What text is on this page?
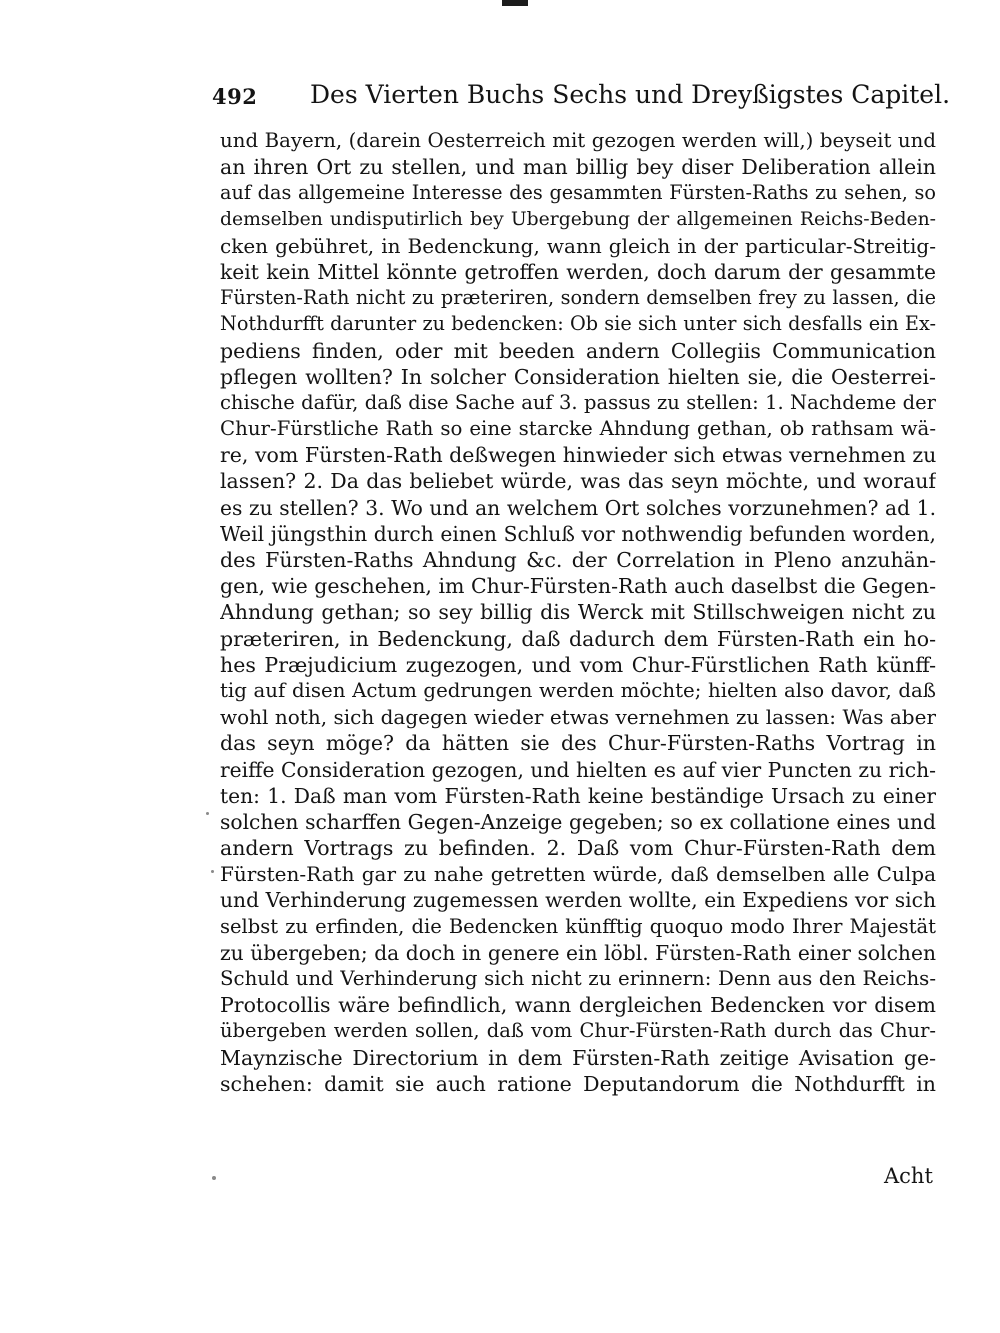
492 Des Vierten Buchs Sechs und Dreyßigstes Capitel.
und Bayern, (darein Oesterreich mit gezogen werden will,) beyseit und
an ihren Ort zu stellen, und man billig bey diser Deliberation allein
auf das allgemeine Interesse des gesammten Fürsten-Raths zu sehen, so
demselben undisputirlich bey Ubergebung der allgemeinen Reichs-Beden-
cken gebühret, in Bedenckung, wann gleich in der particular-Streitig-
keit kein Mittel könnte getroffen werden, doch darum der gesammte
Fürsten-Rath nicht zu præteriren, sondern demselben frey zu lassen, die
Nothdurfft darunter zu bedencken: Ob sie sich unter sich desfalls ein Ex-
pediens finden, oder mit beeden andern Collegiis Communication
pflegen wollten? In solcher Consideration hielten sie, die Oesterrei-
chische dafür, daß dise Sache auf 3. passus zu stellen: 1. Nachdeme der
Chur-Fürstliche Rath so eine starcke Ahndung gethan, ob rathsam wä-
re, vom Fürsten-Rath deßwegen hinwieder sich etwas vernehmen zu
lassen? 2. Da das beliebet würde, was das seyn möchte, und worauf
es zu stellen? 3. Wo und an welchem Ort solches vorzunehmen? ad 1.
Weil jüngsthin durch einen Schluß vor nothwendig befunden worden,
des Fürsten-Raths Ahndung &c. der Correlation in Pleno anzuhän-
gen, wie geschehen, im Chur-Fürsten-Rath auch daselbst die Gegen-
Ahndung gethan; so sey billig dis Werck mit Stillschweigen nicht zu
præteriren, in Bedenckung, daß dadurch dem Fürsten-Rath ein ho-
hes Præjudicium zugezogen, und vom Chur-Fürstlichen Rath künff-
tig auf disen Actum gedrungen werden möchte; hielten also davor, daß
wohl noth, sich dagegen wieder etwas vernehmen zu lassen: Was aber
das seyn möge? da hätten sie des Chur-Fürsten-Raths Vortrag in
reiffe Consideration gezogen, und hielten es auf vier Puncten zu rich-
ten: 1. Daß man vom Fürsten-Rath keine beständige Ursach zu einer
solchen scharffen Gegen-Anzeige gegeben; so ex collatione eines und
andern Vortrags zu befinden. 2. Daß vom Chur-Fürsten-Rath dem
Fürsten-Rath gar zu nahe getretten würde, daß demselben alle Culpa
und Verhinderung zugemessen werden wollte, ein Expediens vor sich
selbst zu erfinden, die Bedencken künfftig quoquo modo Ihrer Majestät
zu übergeben; da doch in genere ein löbl. Fürsten-Rath einer solchen
Schuld und Verhinderung sich nicht zu erinnern: Denn aus den Reichs-
Protocollis wäre befindlich, wann dergleichen Bedencken vor disem
übergeben werden sollen, daß vom Chur-Fürsten-Rath durch das Chur-
Maynzische Directorium in dem Fürsten-Rath zeitige Avisation ge-
schehen: damit sie auch ratione Deputandorum die Nothdurfft in
Acht
